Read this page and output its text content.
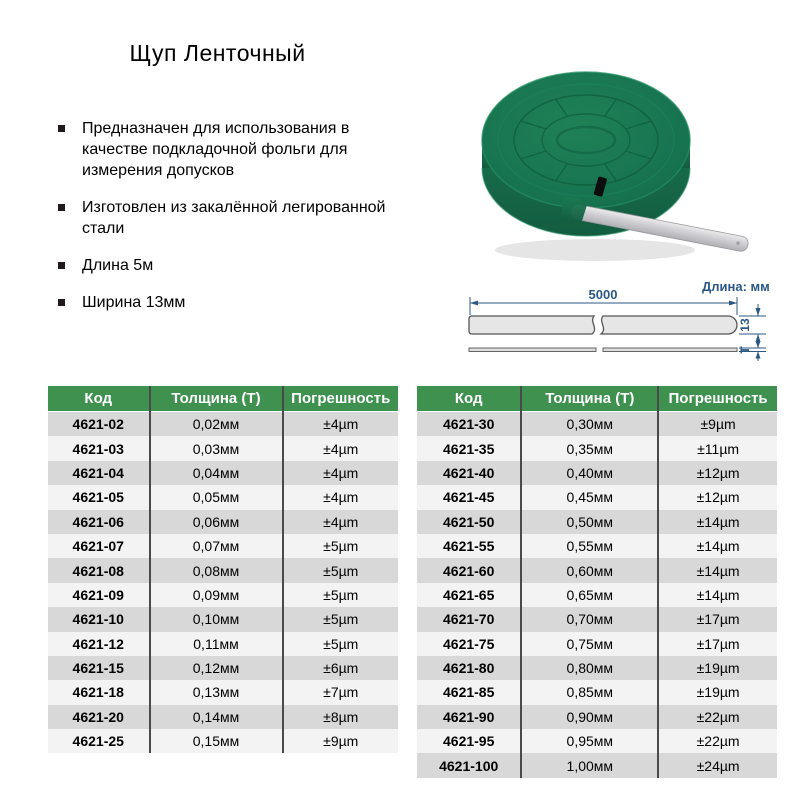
Щуп Ленточный
Предназначен для использования в качестве подкладочной фольги для измерения допусков
Изготовлен из закалённой легированной стали
Длина 5м
Ширина 13мм
Длина: мм
5000
13
T
Код	Толщина (Т)	Погрешность
4621-02	0,02мм	±4µm
4621-03	0,03мм	±4µm
4621-04	0,04мм	±4µm
4621-05	0,05мм	±4µm
4621-06	0,06мм	±4µm
4621-07	0,07мм	±5µm
4621-08	0,08мм	±5µm
4621-09	0,09мм	±5µm
4621-10	0,10мм	±5µm
4621-12	0,11мм	±5µm
4621-15	0,12мм	±6µm
4621-18	0,13мм	±7µm
4621-20	0,14мм	±8µm
4621-25	0,15мм	±9µm
Код	Толщина (Т)	Погрешность
4621-30	0,30мм	±9µm
4621-35	0,35мм	±11µm
4621-40	0,40мм	±12µm
4621-45	0,45мм	±12µm
4621-50	0,50мм	±14µm
4621-55	0,55мм	±14µm
4621-60	0,60мм	±14µm
4621-65	0,65мм	±14µm
4621-70	0,70мм	±17µm
4621-75	0,75мм	±17µm
4621-80	0,80мм	±19µm
4621-85	0,85мм	±19µm
4621-90	0,90мм	±22µm
4621-95	0,95мм	±22µm
4621-100	1,00мм	±24µm
